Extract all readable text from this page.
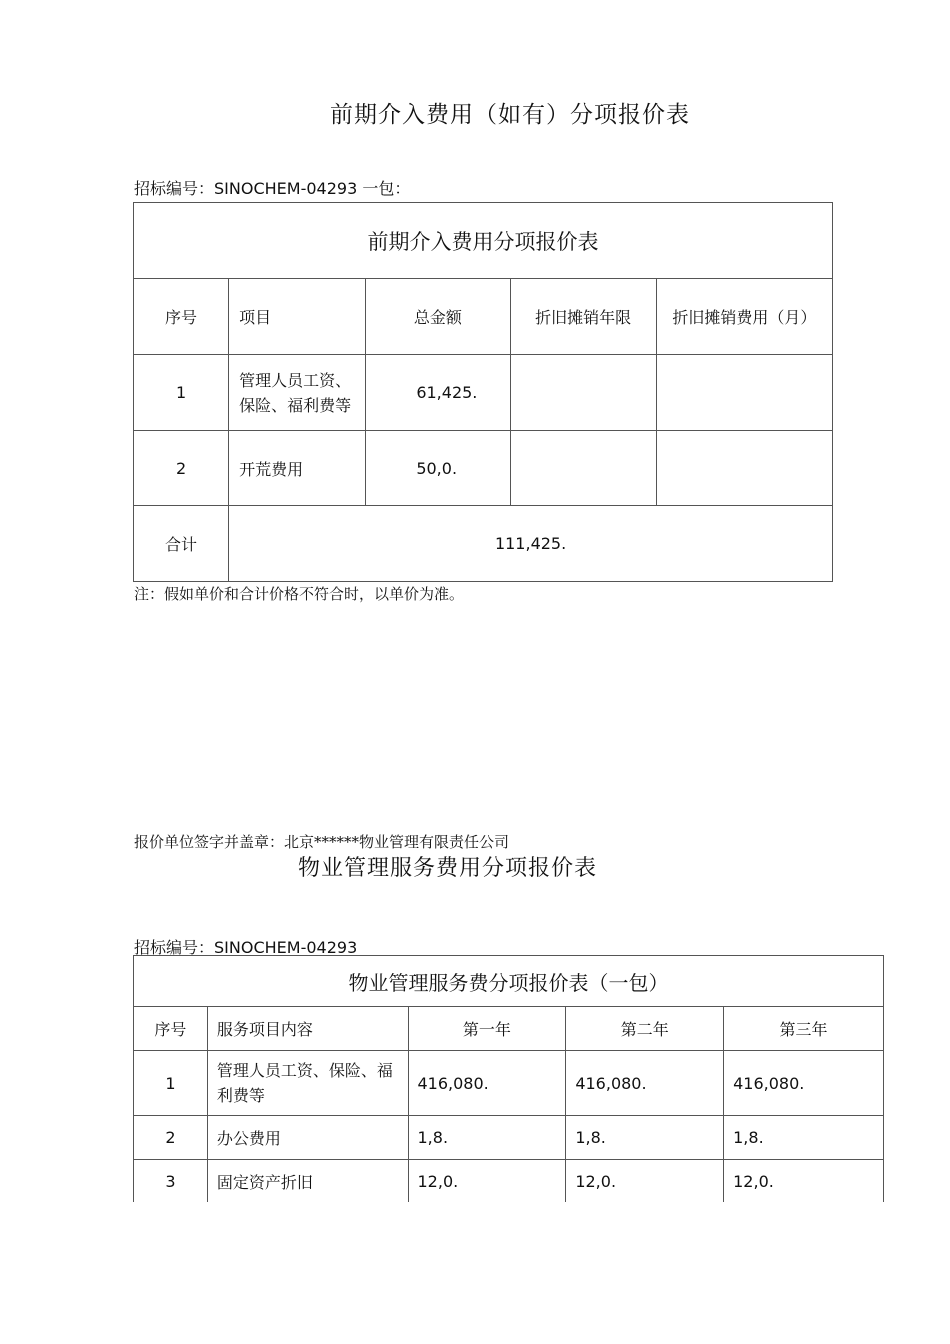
前期介入费用（如有）分项报价表
招标编号：SINOCHEM-04293 一包：
前期介入费用分项报价表				
序号	项目	总金额	折旧摊销年限	折旧摊销费用（月）
1	管理人员工资、保险、福利费等	61,425.		
2	开荒费用	50,0.		
合计	111,425.			
注：假如单价和合计价格不符合时，以单价为准。
报价单位签字并盖章：北京******物业管理有限责任公司
物业管理服务费用分项报价表
招标编号：SINOCHEM-04293
物业管理服务费分项报价表（一包）				
序号	服务项目内容	第一年	第二年	第三年
1	管理人员工资、保险、福利费等	416,080.	416,080.	416,080.
2	办公费用	1,8.	1,8.	1,8.
3	固定资产折旧	12,0.	12,0.	12,0.
